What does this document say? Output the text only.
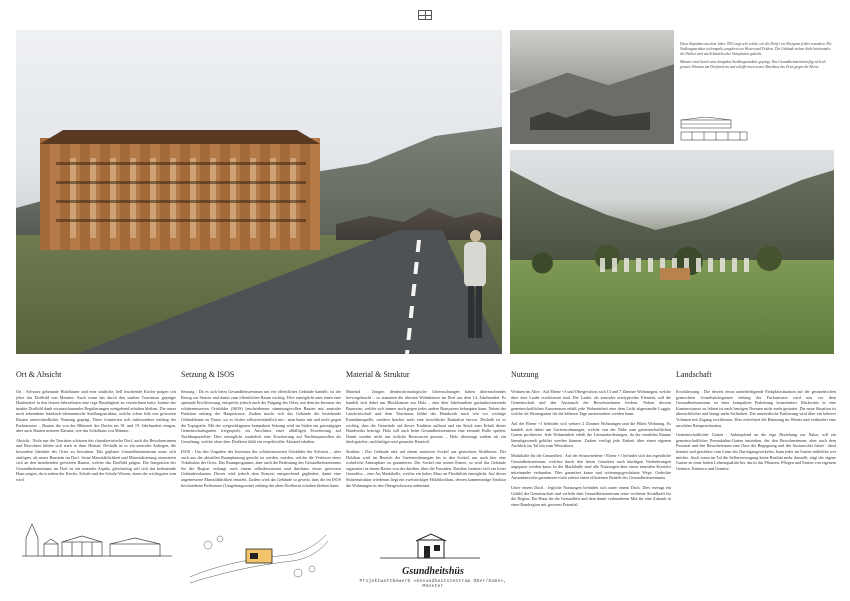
Diese Aufnahme aus dem Jahre 1953 zeigt sehr schön, wie die Dörfer im Obergoms früher aussahen. Die Siedlungsstruktur ist kompakt, umgeben von Wiesen und Feldern. Die Gebäude stehen dicht beieinander, die Dächer sind mit Schindeln oder Steinplatten gedeckt.

Münster wird durch seine kompakte Siedlungsstruktur geprägt. Das Gesundheitszentrum fügt sich als grosses Volumen am Dorfrand ein und schafft einen neuen Abschluss des Ortes gegen die Ebene.

Ort & Absicht

Ort : Schwarz gebrannte Holzhäuser und eine stattliche, hell leuchtende Kirche prägen seit jeher das Dorfbild von Münster. Auch wenn das durch den sanften Tourismus geprägte Haufendorf in den letzten Jahrzehnten eine rege Bautätigkeit zu verzeichnen hatte, konnte das intakte Dorfbild dank vorausschauender Regulierungen weitgehend erhalten bleiben. Die unzer noch erkennbare fränkisch-alemannische Siedlungsstruktur, welche schon früh von grösseren Bauten unterschiedlicher Nutzung geprägt, Diese formierten sich insbesondere entlang der Furkastrasse – Bauten die von der Blütezeit des Dorfes im 18. und 19. Jahrhundert zeugen, aber auch Bauten neueren Datums, wie das Schulhaus von Münster.

Absicht : Nicht nur die Touristen schätzen das charakteristische Dorf, auch die Bewohnerinnen und Bewohner fühlen sich stark in ihrer Heimat. Deshalb ist es ein zentrales Anliegen, die besondere Identität des Ortes zu bewahren. Das geplante Gesundheitszentrum muss sich einfügen, als neuer Baustein im Dorf. Seine Massstäblichkeit und Materialisierung orientieren sich an den bestehenden grösseren Bauten, welche das Dorfbild prägen. Die Integration des Gesundheitszentrums im Dorf ist ein zentraler Aspekt, gleichzeitig soll sich das bedeutende Haus zeigen, da es neben der Kirche, Schule und der Schule-Wissen, einen der wichtigsten sein wird.

Setzung & ISOS

Setzung : Da es sich beim Gesundheitszentrum um ein öffentliches Gebäude handelt, ist der Bezug zur Strasse und damit zum öffentlichen Raum wichtig. Dies ermöglicht zum einen eine optimale Erschliessung, entspricht jedoch auch der Prägung des Ortes, mit dem im Inventar der schützenswerten Ortsbilder (ISOS) beschriebenen stimmungsvollen Bauten mit zentraler Funktion entlang der Hauptstrasse. Zudem macht sich das Gebäude die bestehende Geländekante zu Nutze, wo es frisher selbstverständlich mit - man baute mit und nicht gegen die Topografie. Mit der vorgeschlagenen kompakten Setzung wird im Süden ein grosszügiger Gemeinschaftsgarten freigespielt, im Anschluss einer allfälligen Erweiterung auf Nachbarparzellen. Dies ermöglicht zusätzlich eine Erweiterung auf Nachbarparzellen als Gestaltung, welche ohne dem Dorfkern fühlt ein respektvoller Abstand erhalten.

ISOS : Um den Vorgaben des Inventars der schützenswerten Ortsbilder der Schweiz – aber auch aus der aktuellen Raumplanung gerecht zu werden, wurden, welche die Verfasser eines Vokabulars der Ortes. Das Raumprogramm, aber auch die Bedeutung des Gesundheitszentrums für die Region verlangt nach einem selbstbewussten und durchaus etwas grösseren Gebäudevolumen. Dieses wird jedoch dem Kontext entsprechend gegliedert, damit eine angemessene Massstäblichkeit entsteht. Zudem wird das Gebäude so gesetzt, dass die im ISOS beschriebene Pufferzone (Umgebungszone) entlang des alten Dorfkerns erhalten bleiben kann.

Material & Struktur

Material : Zeugen dendrochronologische Untersuchungen haben überraschendes hervorgebracht – so stammen die ältesten Wohnhäuser im Dorf aus dem 14. Jahrhundert. Es handelt sich dabei um Blockbauten aus Holz – eine über Jahrhunderte gutfunktionierende Bauweise, welche sich immer noch gegen jedes andere Bausystem behaupten kann. Neben der Landwirtschaft und dem Tourismus bildet das Handwerk nach wie vor wichtige Einnahmequelle, sondern brachte auch eine beachtliche Baukultur hervor. Deshalb ist es wichtig, dass die Gemeinde auf dieser Tradition aufbaut und ein Stück zum Erhalt dieses Handwerks beiträgt. Holz soll auch beim Gesundheitszentrum eine zentrale Rolle spielen. Damit werden nicht nur örtliche Ressourcen genutzt – Holz überzeugt zudem als ein ökologischer, nachhaltiger und gesunder Baustoff.

Struktur : Das Gebäude ruht auf einem massiven Sockel aus gestockten Sichtbeton. Der Holzbau wird im Bereich der Gartenwohnungen bis in den Sockel, um auch hier eine wohnliche Atmosphäre zu garantieren. Der Sockel mit seinen Entree, so wird das Gebäude organisiert in einem Raster von der darüber, über die Fassaden. Darüber formiert sich ein freier Grundriss – eine Art Markthalle, welche ein hohes Mass an Flexibilität ermöglicht. Auf dieser Stützenstruktur wiederum liegt ein zweistöckiger Holzblockbau, dessen kammerartige Struktur die Wohnungen in den Obergeschossen aufnimmt.

Nutzung

Wohnen im Alter : Auf Ebene +3 und Obergeschoss sich 13 und 7 Zimmer Wohnungen, welche über eine Laube erschlossen sind. Die Laube, als zentrales ortstypisches Element, soll die Gemeinschaft und den Austausch der Bewohnerinnen fördern. Neben diesem gemeinschaftlichen Aussenraum erhält jede Wohneinheit eine dem Licht abgewandte Loggia, welche als Wintergarten für die kälteren Tage ausformuliert werden kann.

Auf der Ebene +1 befinden sich weitere 2 Zimmer Wohnungen und die Pikett Wohnung. Es handelt sich dabei um Gartenwohnungen, welche von der Nähe zum gemeinschaftlichen Garten profitieren. Jede Wohneinheit erhält die Lärmanforderungen, da die sensiblen Räume lärmabgewandt gelüftet werden können. Zudem verfügt jede Einheit über einen eigenen Ausblick ins Tal hin zum Weissthorn.

Markthalle für die Gesundheit : Auf der Strassenebene / Ebene +1 befindet sich das eigentliche Gesundheitszentrum, welches durch den freien Grundriss auch künftigen Veränderungen angepasst werden kann. In der Markthalle sind alle Nutzungen über einen zentralen Korridor miteinander verbunden. Dies garantiert kurze und witterungsgeschützte Wege. Gedeckte Aussenbereiche garantieren nicht zuletzt einen effizienten Betrieb des Gesundheitszentrums.

Unter einem Dach : Jegliche Nutzungen befinden sich unter einem Dach. Dies erzeugt ein Gefühl der Gemeinschaft und verleiht dem Gesundheitszentrum seine verdiente Strahlkraft für die Region. Ein Haus für die Gesundheit und dem damit verbundenen Mut für eine Zukunft in einer Randregion mit grossem Potential.

Landschaft

Erschliessung : Die derzeit etwas unbefriedigende Parkplatzsituation auf der geometrischen gemischten Grundstücksgrenze entlang der Furkastrasse wird neu vor dem Gesundheitszentrum zu einer kompakten Parkierung konzentriert. Rückwärts in eine Kantonsstrasse zu fahren ist nach heutigen Normen nicht mehr gestattet. Die neue Situation ist übersichtlicher und bringt mehr Sicherheit. Die unterirdische Parkierung wird über ein höheres Volumen mit Zugang erschlossen. Dies erleichtert die Räumung im Winter und verhindert eine unschöne Rampensituation.

Gemeinschaftlicher Garten : Anknüpfend an die rege Beziehung zur Natur, soll ein gemeinschaftlicher Permakultur-Garten entstehen, der den Bewohnerinnen, aber auch dem Personal und den Besucherinnen eine Oase der Begegnung und des Austausches bietet - ideal benutzt und geschützt vom Lärm des Durchgangsverkehrs, kann jeder im Garten mithelfen wer möchte. Auch wenn im Tal die Selbstversorgung keine Realität mehr darstellt, trägt der eigene Garten zu einer hohen Lebensqualität bei, durch das Pflanzen, Pflegen und Ernten von eigenem Gemüse, Kräutern und Gemüse.

Gsundheitshüs
Projektwettbewerb «Gesundheitszentrum Ober/Goms», Münster
